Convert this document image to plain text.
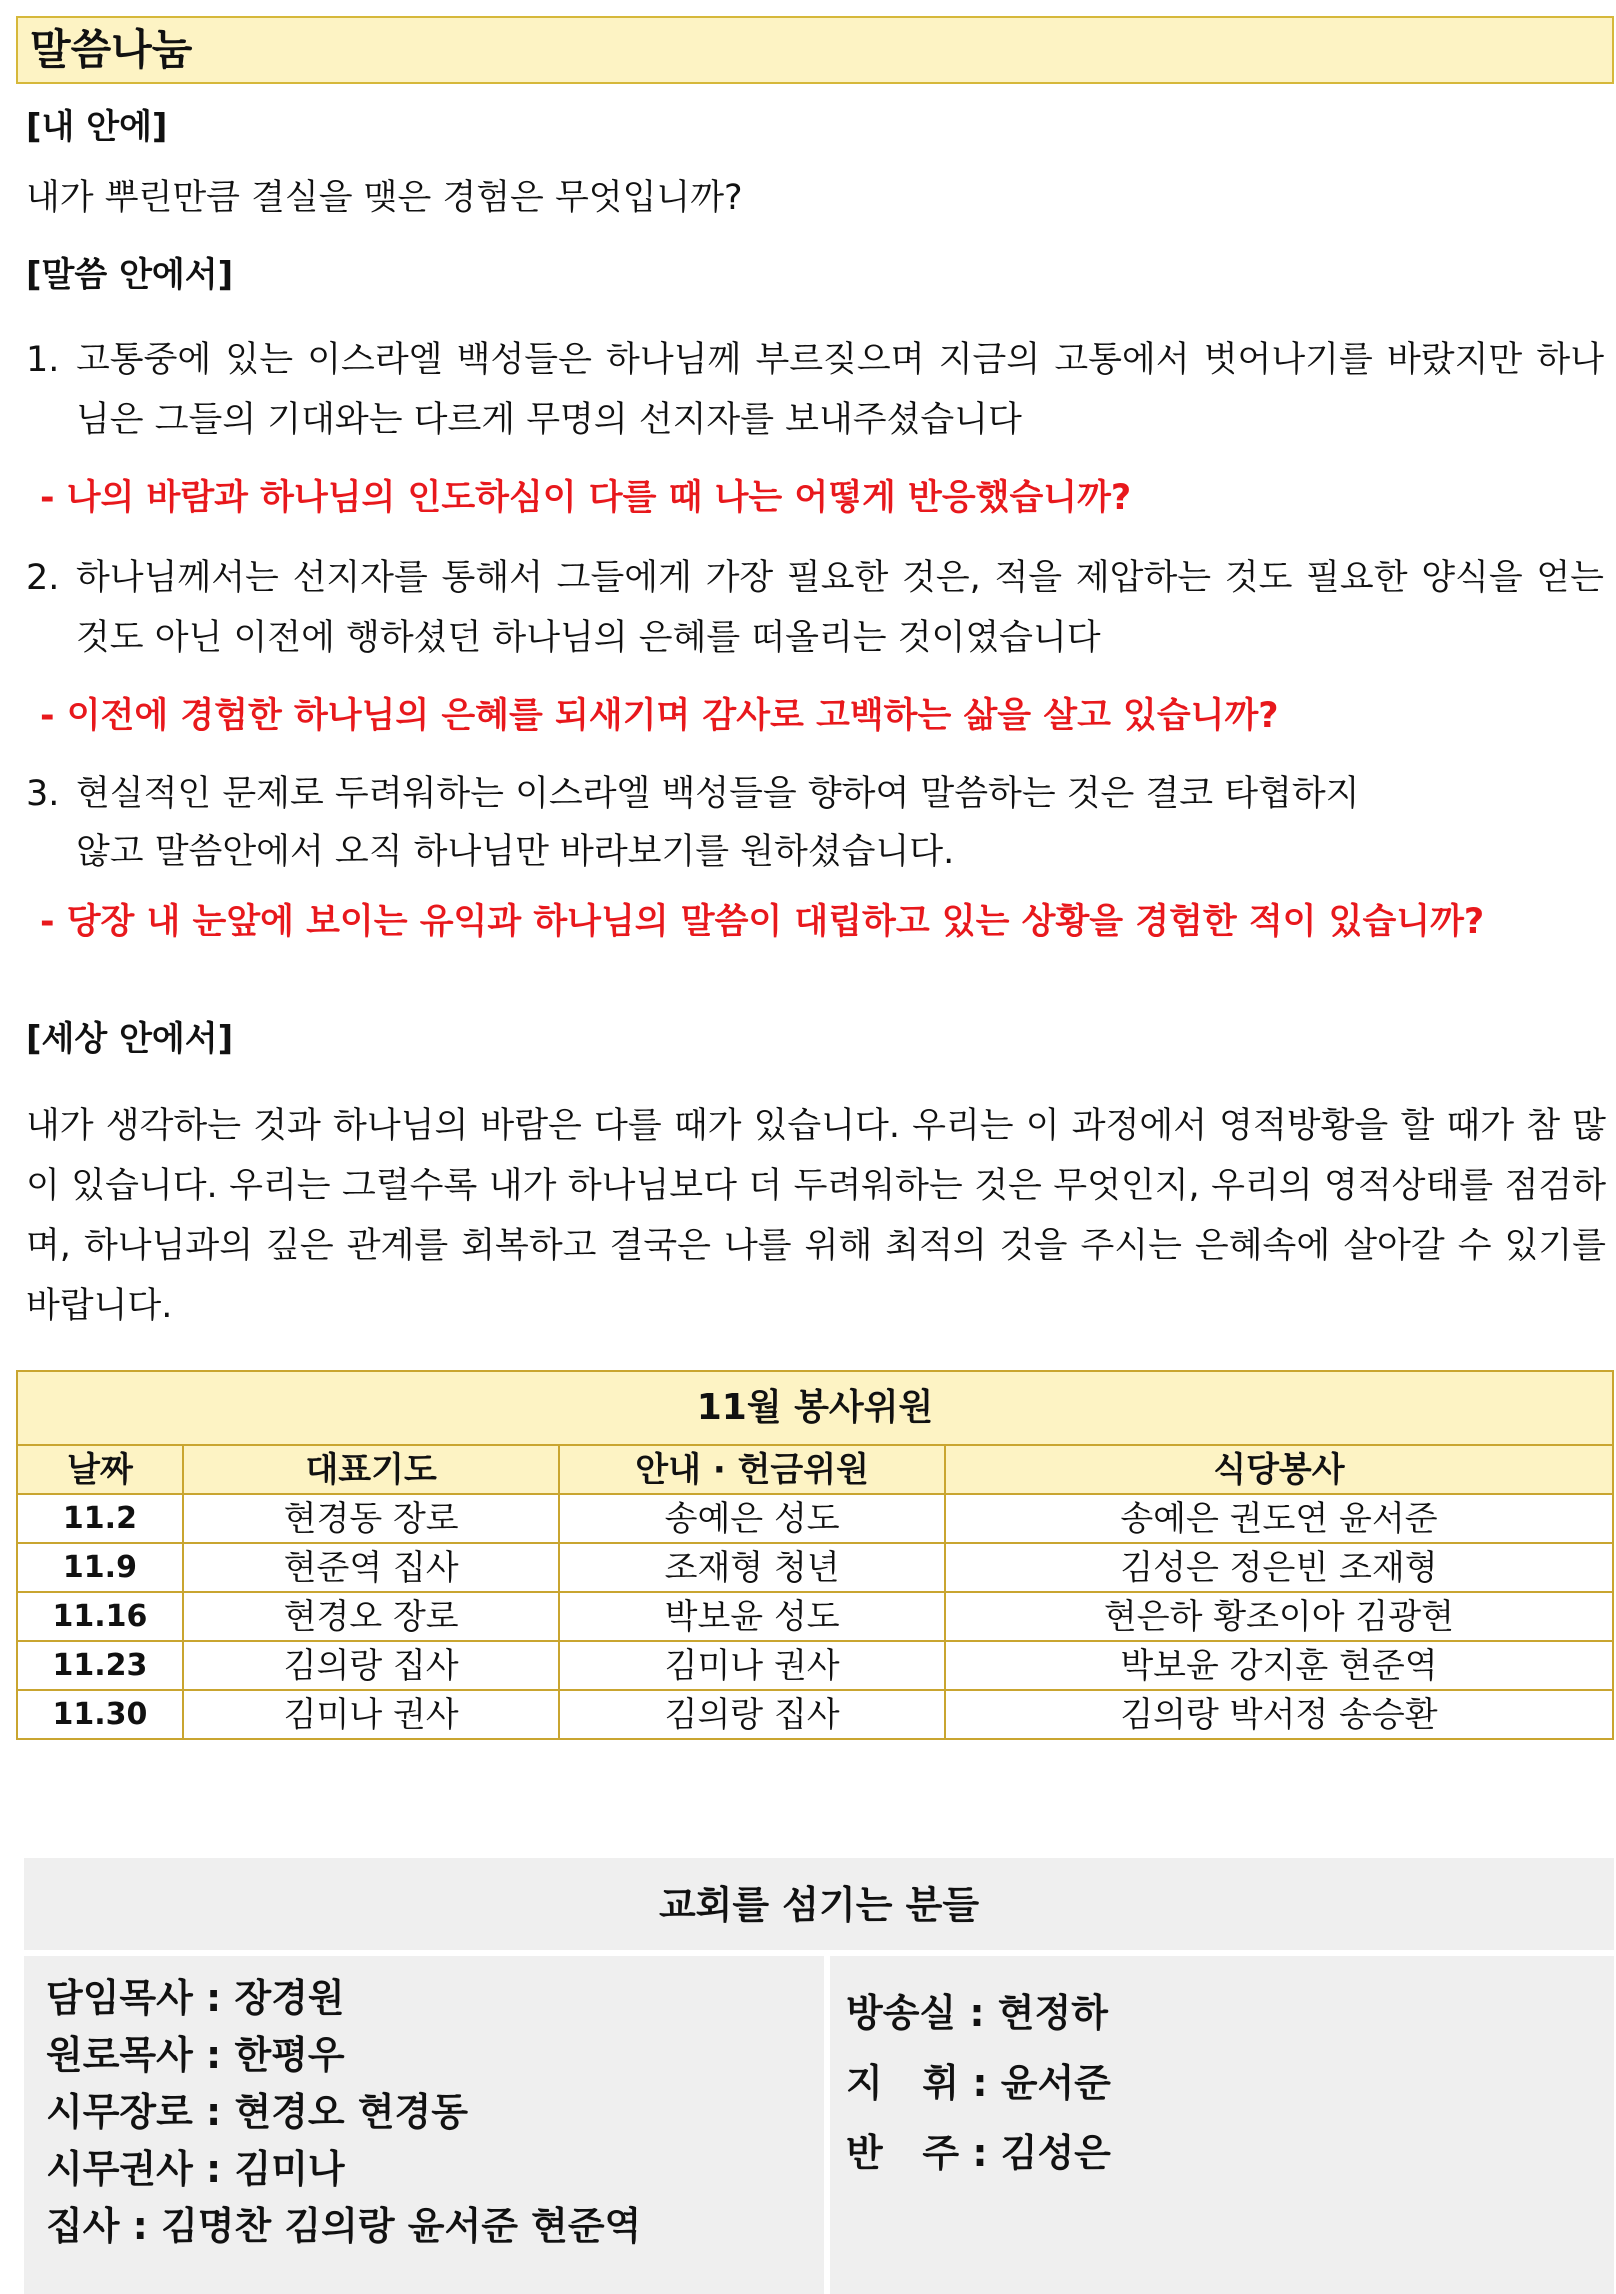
말씀나눔
[내 안에]
내가 뿌린만큼 결실을 맺은 경험은 무엇입니까?
[말씀 안에서]
1. 고통중에 있는 이스라엘 백성들은 하나님께 부르짖으며 지금의 고통에서 벗어나기를 바랐지만 하나님은 그들의 기대와는 다르게 무명의 선지자를 보내주셨습니다
- 나의 바람과 하나님의 인도하심이 다를 때 나는 어떻게 반응했습니까?
2. 하나님께서는 선지자를 통해서 그들에게 가장 필요한 것은, 적을 제압하는 것도 필요한 양식을 얻는 것도 아닌 이전에 행하셨던 하나님의 은혜를 떠올리는 것이였습니다
- 이전에 경험한 하나님의 은혜를 되새기며 감사로 고백하는 삶을 살고 있습니까?
3. 현실적인 문제로 두려워하는 이스라엘 백성들을 향하여 말씀하는 것은 결코 타협하지
않고 말씀안에서 오직 하나님만 바라보기를 원하셨습니다.
- 당장 내 눈앞에 보이는 유익과 하나님의 말씀이 대립하고 있는 상황을 경험한 적이 있습니까?
[세상 안에서]
내가 생각하는 것과 하나님의 바람은 다를 때가 있습니다. 우리는 이 과정에서 영적방황을 할 때가 참 많이 있습니다. 우리는 그럴수록 내가 하나님보다 더 두려워하는 것은 무엇인지, 우리의 영적상태를 점검하며, 하나님과의 깊은 관계를 회복하고 결국은 나를 위해 최적의 것을 주시는 은혜속에 살아갈 수 있기를 바랍니다.
11월 봉사위원			
날짜	대표기도	안내 · 헌금위원	식당봉사
11.2	현경동 장로	송예은 성도	송예은 권도연 윤서준
11.9	현준역 집사	조재형 청년	김성은 정은빈 조재형
11.16	현경오 장로	박보윤 성도	현은하 황조이아 김광현
11.23	김의랑 집사	김미나 권사	박보윤 강지훈 현준역
11.30	김미나 권사	김의랑 집사	김의랑 박서정 송승환
교회를 섬기는 분들
담임목사 : 장경원
원로목사 : 한평우
시무장로 : 현경오 현경동
시무권사 : 김미나
집사 : 김명찬 김의랑 윤서준 현준역
방송실 : 현정하
지   휘 : 윤서준
반   주 : 김성은
